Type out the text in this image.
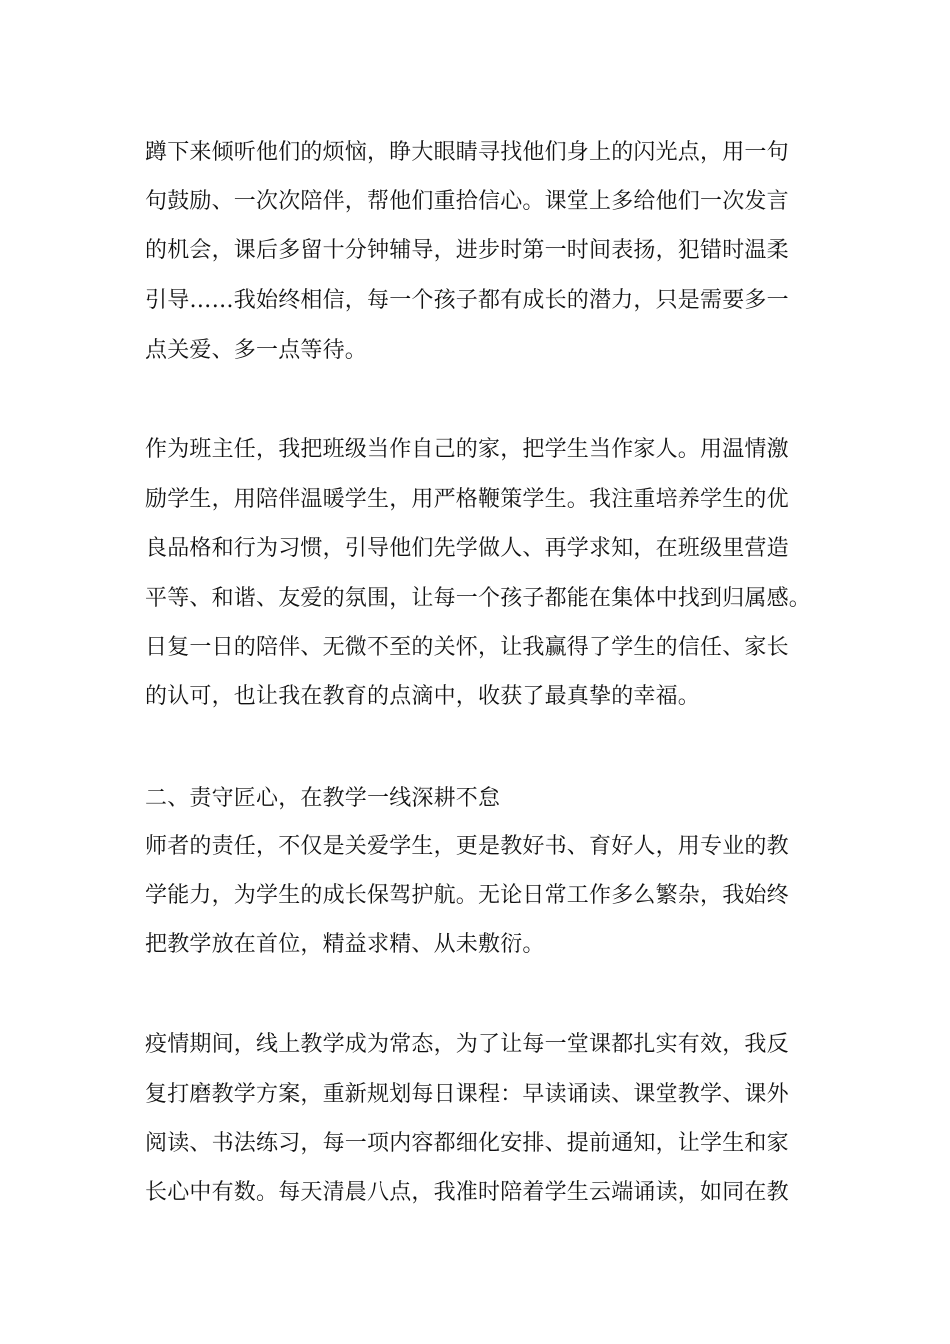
蹲下来倾听他们的烦恼，睁大眼睛寻找他们身上的闪光点，用一句
句鼓励、一次次陪伴，帮他们重拾信心。课堂上多给他们一次发言
的机会，课后多留十分钟辅导，进步时第一时间表扬，犯错时温柔
引导……我始终相信，每一个孩子都有成长的潜力，只是需要多一
点关爱、多一点等待。
作为班主任，我把班级当作自己的家，把学生当作家人。用温情激
励学生，用陪伴温暖学生，用严格鞭策学生。我注重培养学生的优
良品格和行为习惯，引导他们先学做人、再学求知，在班级里营造
平等、和谐、友爱的氛围，让每一个孩子都能在集体中找到归属感。
日复一日的陪伴、无微不至的关怀，让我赢得了学生的信任、家长
的认可，也让我在教育的点滴中，收获了最真挚的幸福。
二、责守匠心，在教学一线深耕不怠
师者的责任，不仅是关爱学生，更是教好书、育好人，用专业的教
学能力，为学生的成长保驾护航。无论日常工作多么繁杂，我始终
把教学放在首位，精益求精、从未敷衍。
疫情期间，线上教学成为常态，为了让每一堂课都扎实有效，我反
复打磨教学方案，重新规划每日课程：早读诵读、课堂教学、课外
阅读、书法练习，每一项内容都细化安排、提前通知，让学生和家
长心中有数。每天清晨八点，我准时陪着学生云端诵读，如同在教
